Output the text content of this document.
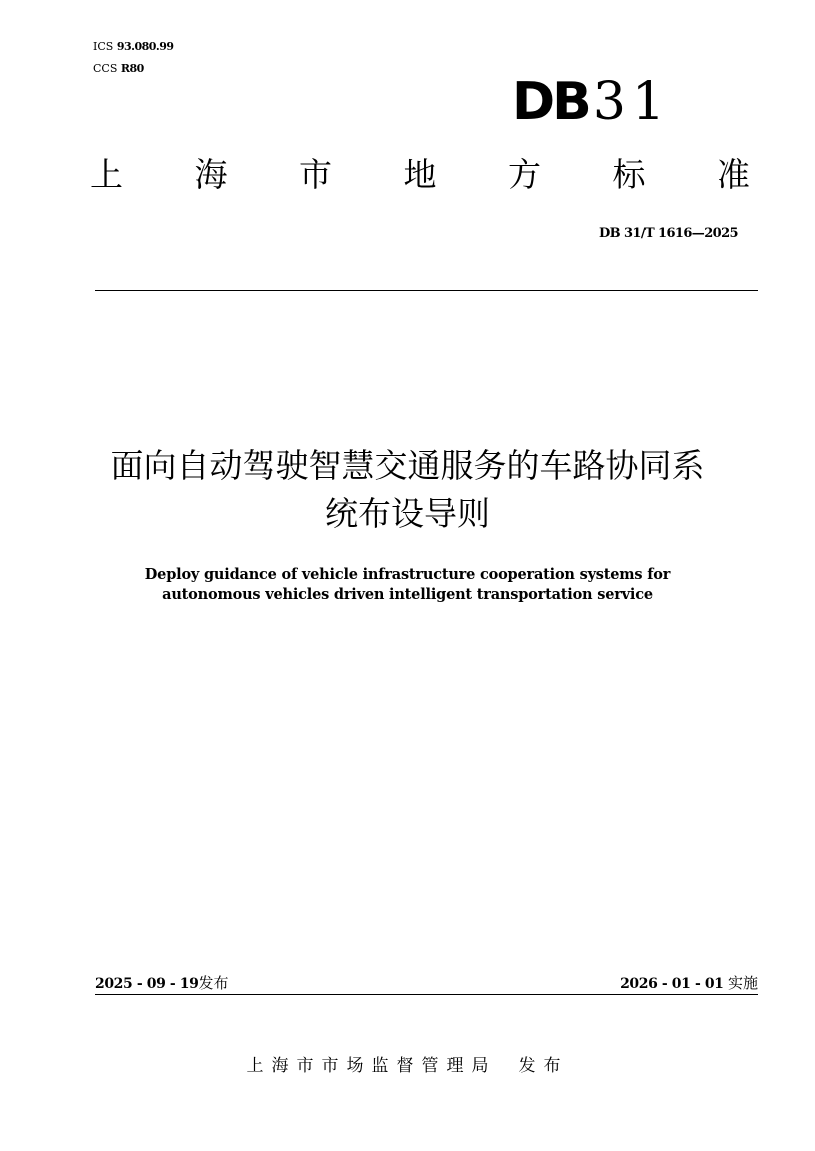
ICS 93.080.99
CCS R80
DB31
上 海 市 地 方 标 准
DB 31/T 1616—2025
面向自动驾驶智慧交通服务的车路协同系
统布设导则
Deploy guidance of vehicle infrastructure cooperation systems for
autonomous vehicles driven intelligent transportation service
2025 - 09 - 19发布	2026 - 01 - 01 实施
上海市市场监督管理局 发布
